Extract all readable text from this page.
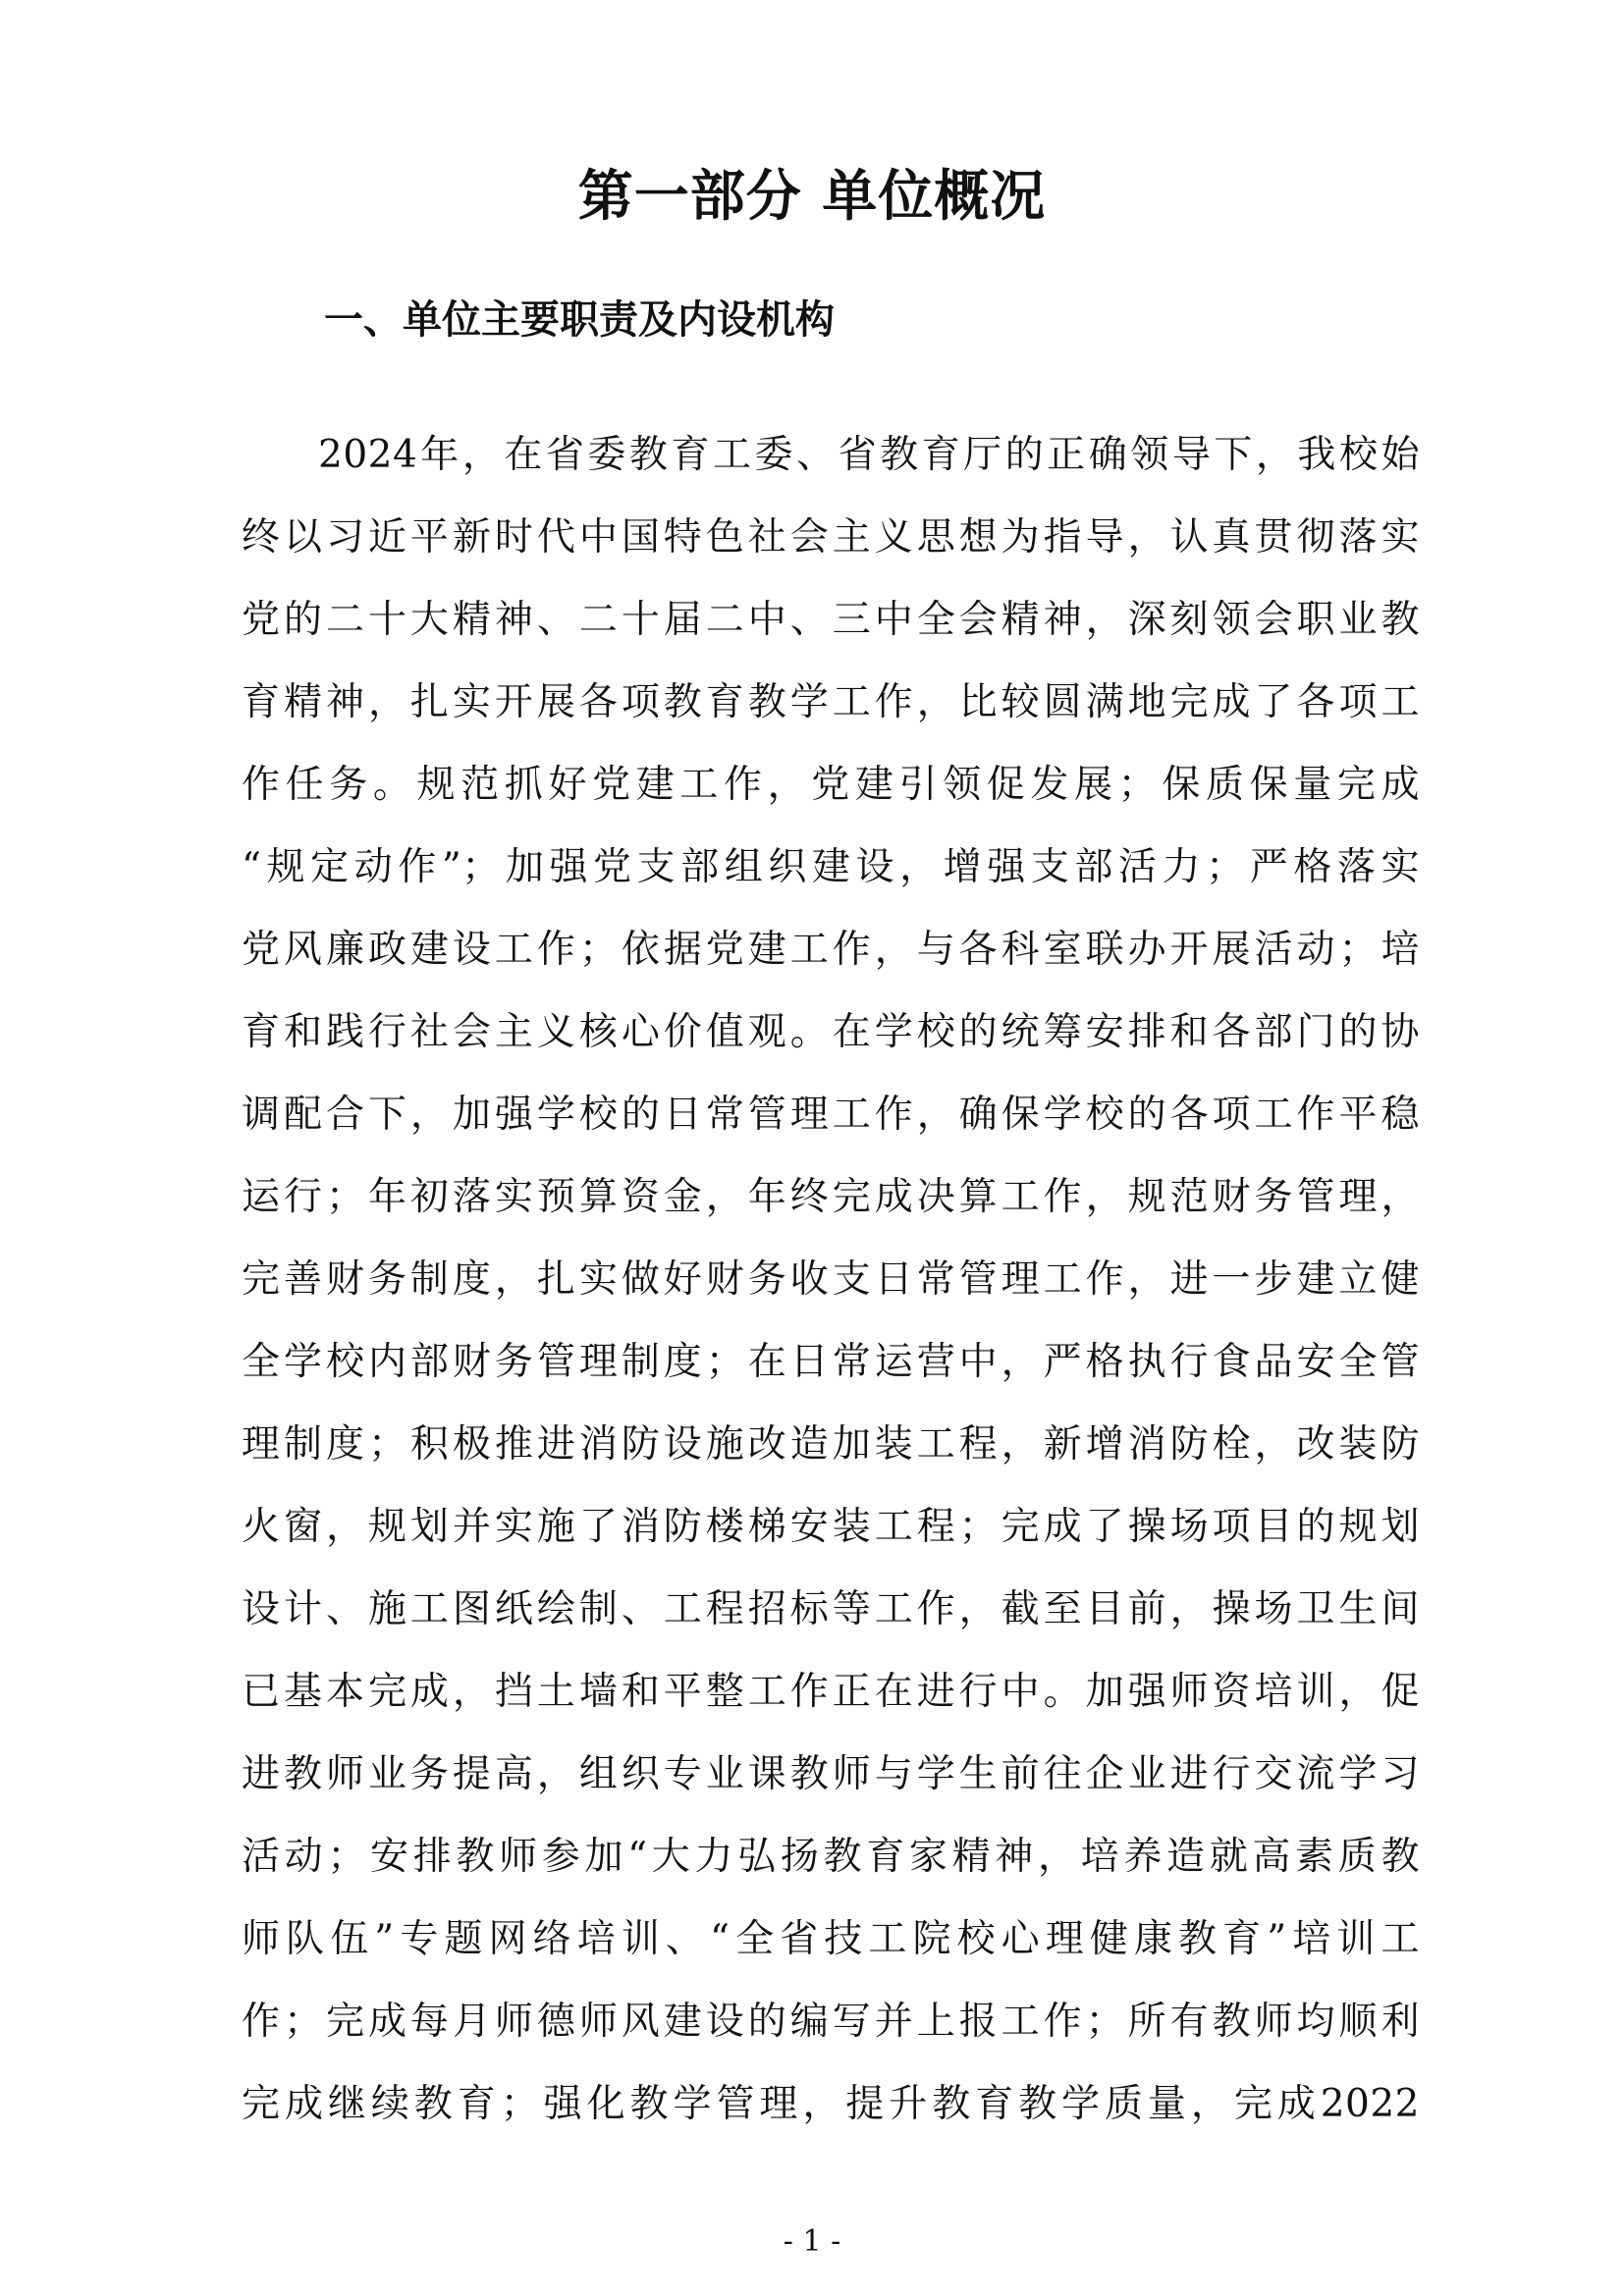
第一部分 单位概况
一、单位主要职责及内设机构
2024年，在省委教育工委、省教育厅的正确领导下，我校始
终以习近平新时代中国特色社会主义思想为指导，认真贯彻落实
党的二十大精神、二十届二中、三中全会精神，深刻领会职业教
育精神，扎实开展各项教育教学工作，比较圆满地完成了各项工
作任务。规范抓好党建工作，党建引领促发展；保质保量完成
“规定动作”；加强党支部组织建设，增强支部活力；严格落实
党风廉政建设工作；依据党建工作，与各科室联办开展活动；培
育和践行社会主义核心价值观。在学校的统筹安排和各部门的协
调配合下，加强学校的日常管理工作，确保学校的各项工作平稳
运行；年初落实预算资金，年终完成决算工作，规范财务管理，
完善财务制度，扎实做好财务收支日常管理工作，进一步建立健
全学校内部财务管理制度；在日常运营中，严格执行食品安全管
理制度；积极推进消防设施改造加装工程，新增消防栓，改装防
火窗，规划并实施了消防楼梯安装工程；完成了操场项目的规划
设计、施工图纸绘制、工程招标等工作，截至目前，操场卫生间
已基本完成，挡土墙和平整工作正在进行中。加强师资培训，促
进教师业务提高，组织专业课教师与学生前往企业进行交流学习
活动；安排教师参加“大力弘扬教育家精神，培养造就高素质教
师队伍”专题网络培训、“全省技工院校心理健康教育”培训工
作；完成每月师德师风建设的编写并上报工作；所有教师均顺利
完成继续教育；强化教学管理，提升教育教学质量，完成2022
- 1 -
